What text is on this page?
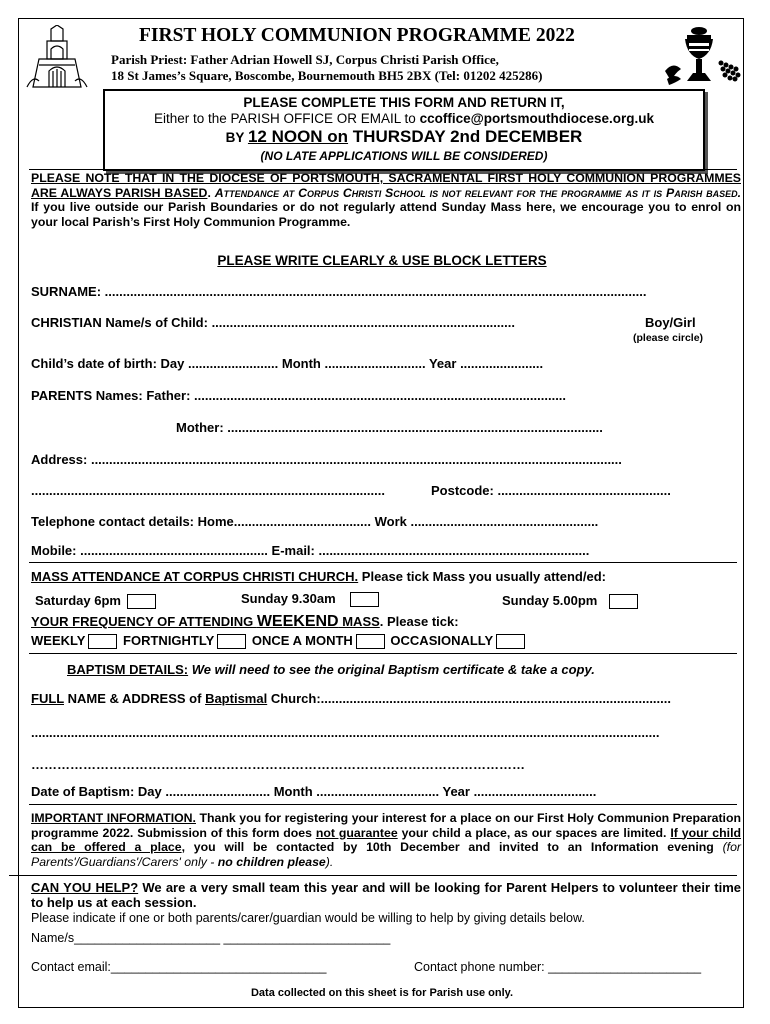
FIRST HOLY COMMUNION PROGRAMME 2022
Parish Priest: Father Adrian Howell SJ, Corpus Christi Parish Office,
18 St James’s Square, Boscombe, Bournemouth BH5 2BX (Tel: 01202 425286)
PLEASE COMPLETE THIS FORM AND RETURN IT,
Either to the PARISH OFFICE OR EMAIL to ccoffice@portsmouthdiocese.org.uk
BY 12 NOON on THURSDAY 2nd DECEMBER
(NO LATE APPLICATIONS WILL BE CONSIDERED)
PLEASE NOTE THAT IN THE DIOCESE OF PORTSMOUTH, SACRAMENTAL FIRST HOLY COMMUNION PROGRAMMES ARE ALWAYS PARISH BASED. Attendance at Corpus Christi School is not relevant for the programme as it is Parish based. If you live outside our Parish Boundaries or do not regularly attend Sunday Mass here, we encourage you to enrol on your local Parish’s First Holy Communion Programme.
PLEASE WRITE CLEARLY & USE BLOCK LETTERS
SURNAME: ......................................................................................................................................................
CHRISTIAN Name/s of Child: ....................................................................................	Boy/Girl
(please circle)
Child’s date of birth: Day ......................... Month ............................ Year .......................
PARENTS Names: Father: .......................................................................................................
Mother: ........................................................................................................
Address: ...................................................................................................................................................
..................................................................................................	Postcode: ................................................
Telephone contact details: Home...................................... Work ....................................................
Mobile: .................................................... E-mail: ...........................................................................
MASS ATTENDANCE AT CORPUS CHRISTI CHURCH. Please tick Mass you usually attend/ed:
Saturday 6pm	Sunday 9.30am	Sunday 5.00pm
YOUR FREQUENCY OF ATTENDING WEEKEND MASS. Please tick:
WEEKLY	FORTNIGHTLY	ONCE A MONTH	OCCASIONALLY
BAPTISM DETAILS: We will need to see the original Baptism certificate & take a copy.
FULL NAME & ADDRESS of Baptismal Church:.................................................................................................
..............................................................................................................................................................................
……………………………………………………………………………………………………
Date of Baptism: Day ............................. Month .................................. Year ..................................
IMPORTANT INFORMATION. Thank you for registering your interest for a place on our First Holy Communion Preparation programme 2022. Submission of this form does not guarantee your child a place, as our spaces are limited. If your child can be offered a place, you will be contacted by 10th December and invited to an Information evening (for Parents'/Guardians'/Carers' only - no children please).
CAN YOU HELP? We are a very small team this year and will be looking for Parent Helpers to volunteer their time to help us at each session.
Please indicate if one or both parents/carer/guardian would be willing to help by giving details below.
Name/s_____________________ ________________________
Contact email:_______________________________	Contact phone number: ______________________
Data collected on this sheet is for Parish use only.
